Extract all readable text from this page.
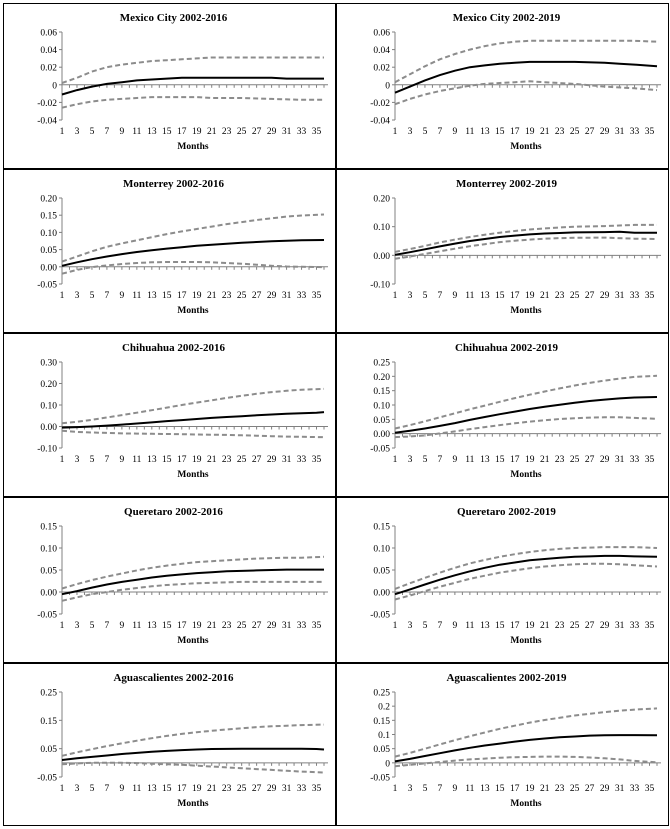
Mexico City 2002-2016
-0.04
-0.02
0
0.02
0.04
0.06
1 3 5 7 9 11 13 15 17 19 21 23 25 27 29 31 33 35
Months
Mexico City 2002-2019
-0.04
-0.02
0
0.02
0.04
0.06
1 3 5 7 9 11 13 15 17 19 21 23 25 27 29 31 33 35
Months
Monterrey 2002-2016
-0.05
0.00
0.05
0.10
0.15
0.20
1 3 5 7 9 11 13 15 17 19 21 23 25 27 29 31 33 35
Months
Monterrey 2002-2019
-0.10
0.00
0.10
0.20
1 3 5 7 9 11 13 15 17 19 21 23 25 27 29 31 33 35
Months
Chihuahua 2002-2016
-0.10
0.00
0.10
0.20
0.30
1 3 5 7 9 11 13 15 17 19 21 23 25 27 29 31 33 35
Months
Chihuahua 2002-2019
-0.05
0.00
0.05
0.10
0.15
0.20
0.25
1 3 5 7 9 11 13 15 17 19 21 23 25 27 29 31 33 35
Months
Queretaro 2002-2016
-0.05
0.00
0.05
0.10
0.15
1 3 5 7 9 11 13 15 17 19 21 23 25 27 29 31 33 35
Months
Queretaro 2002-2019
-0.05
0.00
0.05
0.10
0.15
1 3 5 7 9 11 13 15 17 19 21 23 25 27 29 31 33 35
Months
Aguascalientes 2002-2016
-0.05
0.05
0.15
0.25
1 3 5 7 9 11 13 15 17 19 21 23 25 27 29 31 33 35
Months
Aguascalientes 2002-2019
-0.05
0
0.05
0.1
0.15
0.2
0.25
1 3 5 7 9 11 13 15 17 19 21 23 25 27 29 31 33 35
Months
